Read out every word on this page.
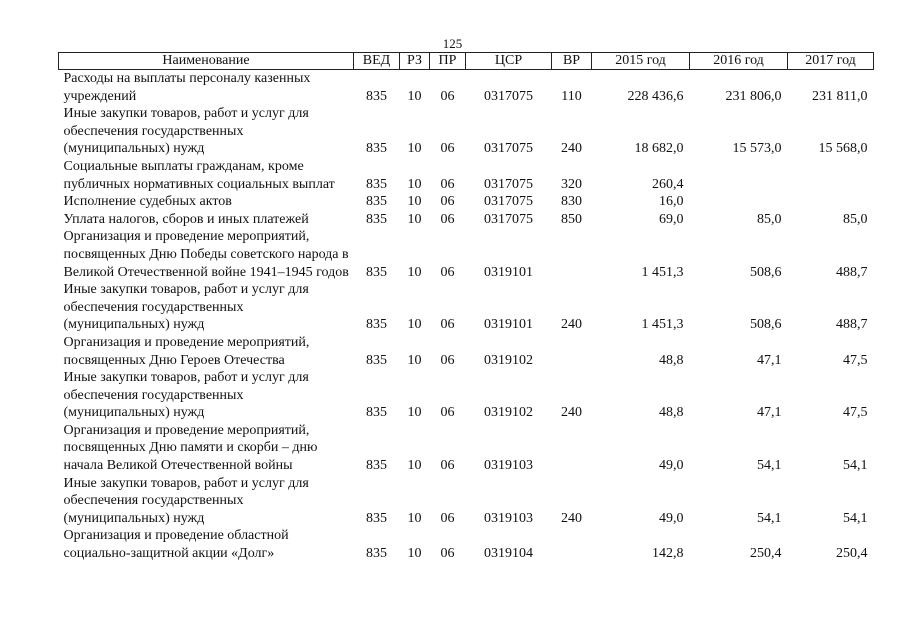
125
Наименование	ВЕД	РЗ	ПР	ЦСР	ВР	2015 год	2016 год	2017 год
Расходы на выплаты персоналу казенных учреждений	835	10	06	0317075	110	228 436,6	231 806,0	231 811,0
Иные закупки товаров, работ и услуг для обеспечения государственных (муниципальных) нужд	835	10	06	0317075	240	18 682,0	15 573,0	15 568,0
Социальные выплаты гражданам, кроме публичных нормативных социальных выплат	835	10	06	0317075	320	260,4		
Исполнение судебных актов	835	10	06	0317075	830	16,0		
Уплата налогов, сборов и иных платежей	835	10	06	0317075	850	69,0	85,0	85,0
Организация и проведение мероприятий, посвященных Дню Победы советского народа в Великой Отечественной войне 1941–1945 годов	835	10	06	0319101		1 451,3	508,6	488,7
Иные закупки товаров, работ и услуг для обеспечения государственных (муниципальных) нужд	835	10	06	0319101	240	1 451,3	508,6	488,7
Организация и проведение мероприятий, посвященных Дню Героев Отечества	835	10	06	0319102		48,8	47,1	47,5
Иные закупки товаров, работ и услуг для обеспечения государственных (муниципальных) нужд	835	10	06	0319102	240	48,8	47,1	47,5
Организация и проведение мероприятий, посвященных Дню памяти и скорби – дню начала Великой Отечественной войны	835	10	06	0319103		49,0	54,1	54,1
Иные закупки товаров, работ и услуг для обеспечения государственных (муниципальных) нужд	835	10	06	0319103	240	49,0	54,1	54,1
Организация и проведение областной социально-защитной акции «Долг»	835	10	06	0319104		142,8	250,4	250,4
